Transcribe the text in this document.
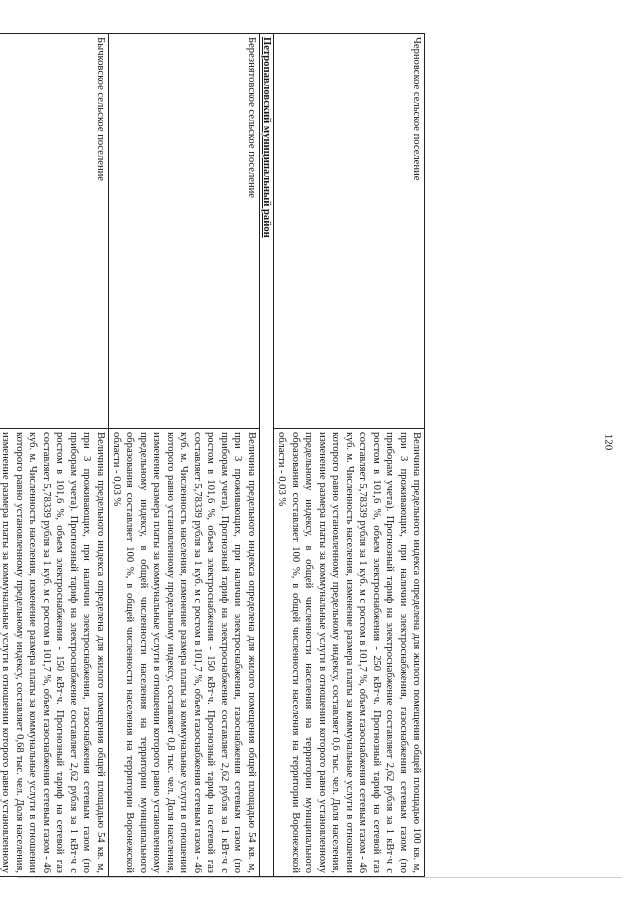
120
Черновское сельское поселение	Величина предельного индекса определена для жилого помещения общей площадью 100 кв. м, при 3 проживающих, при наличии электроснабжения, газоснабжения сетевым газом (по приборам учета). Прогнозный тариф на электроснабжение составляет 2,62 рубля за 1 кВт·ч с ростом в 101,6 %, объем электроснабжения - 250 кВт·ч. Прогнозный тариф на сетевой газ составляет 5,78339 рубля за 1 куб. м с ростом в 101,7 %, объем газоснабжения сетевым газом - 46 куб. м. Численность населения, изменение размера платы за коммунальные услуги в отношении которого равно установленному предельному индексу, составляет 0,6 тыс. чел. Доля населения, изменение размера платы за коммунальные услуги в отношении которого равно установленному предельному индексу, в общей численности населения на территории муниципального образования составляет 100 %, в общей численности населения на территории Воронежской области - 0,03 %
Петропавловский муниципальный район	
Березнятовское сельское поселение	Величина предельного индекса определена для жилого помещения общей площадью 54 кв. м, при 3 проживающих, при наличии электроснабжения, газоснабжения сетевым газом (по приборам учета). Прогнозный тариф на электроснабжение составляет 2,62 рубля за 1 кВт·ч с ростом в 101,6 %, объем электроснабжения - 150 кВт·ч. Прогнозный тариф на сетевой газ составляет 5,78339 рубля за 1 куб. м с ростом в 101,7 %, объем газоснабжения сетевым газом - 46 куб. м. Численность населения, изменение размера платы за коммунальные услуги в отношении которого равно установленному предельному индексу, составляет 0,8 тыс. чел. Доля населения, изменение размера платы за коммунальные услуги в отношении которого равно установленному предельному индексу, в общей численности населения на территории муниципального образования составляет 100 %, в общей численности населения на территории Воронежской области - 0,03 %
Бычковское сельское поселение	Величина предельного индекса определена для жилого помещения общей площадью 54 кв. м, при 3 проживающих, при наличии электроснабжения, газоснабжения сетевым газом (по приборам учета). Прогнозный тариф на электроснабжение составляет 2,62 рубля за 1 кВт·ч с ростом в 101,6 %, объем электроснабжения - 150 кВт·ч. Прогнозный тариф на сетевой газ составляет 5,78339 рубля за 1 куб. м с ростом в 101,7 %, объем газоснабжения сетевым газом - 46 куб. м. Численность населения, изменение размера платы за коммунальные услуги в отношении которого равно установленному предельному индексу, составляет 0,68 тыс. чел. Доля населения, изменение размера платы за коммунальные услуги в отношении которого равно установленному
